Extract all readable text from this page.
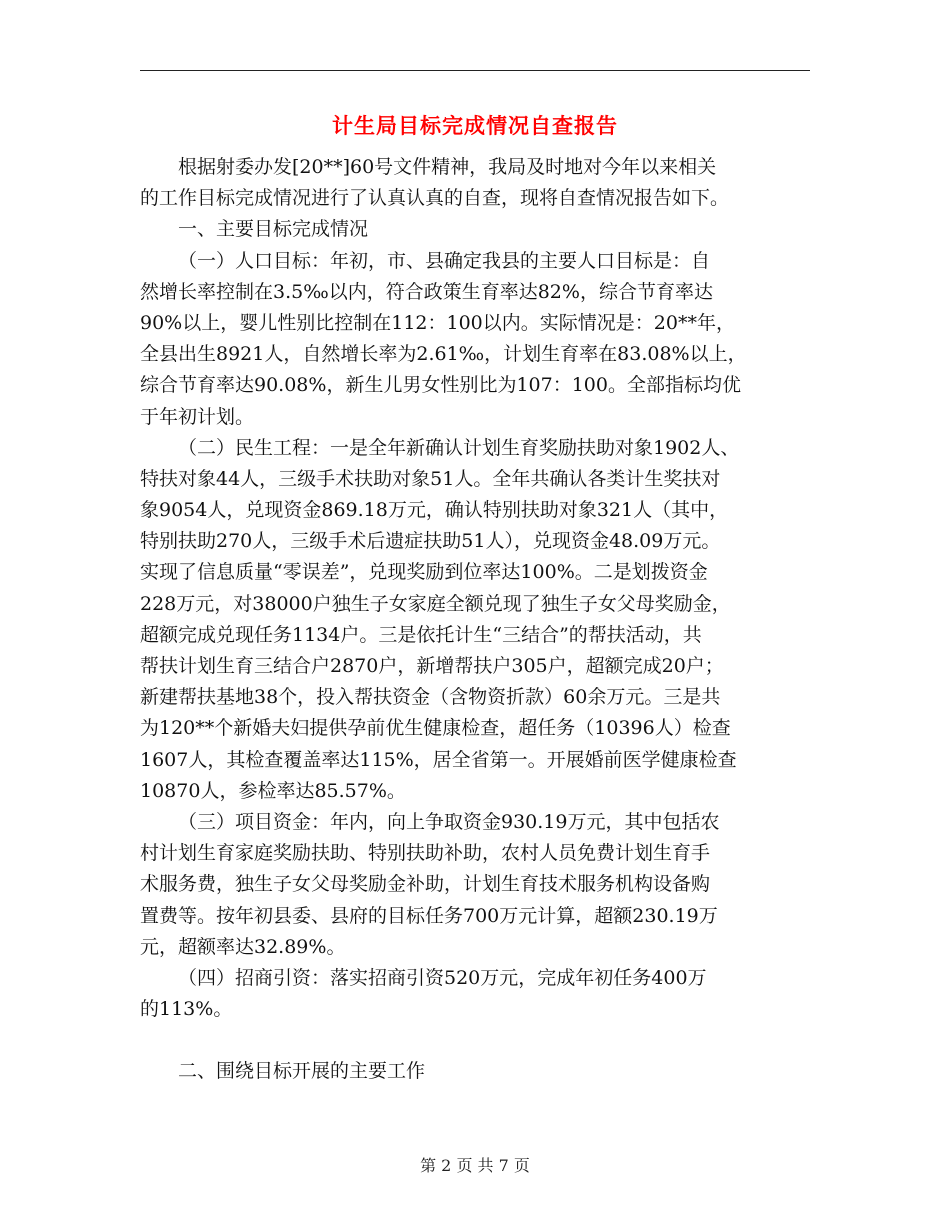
计生局目标完成情况自查报告
根据射委办发[20**]60号文件精神，我局及时地对今年以来相关
的工作目标完成情况进行了认真认真的自查，现将自查情况报告如下。
一、主要目标完成情况
（一）人口目标：年初，市、县确定我县的主要人口目标是：自
然增长率控制在3.5‰以内，符合政策生育率达82%，综合节育率达
90%以上，婴儿性别比控制在112：100以内。实际情况是：20**年，
全县出生8921人，自然增长率为2.61‰，计划生育率在83.08%以上，
综合节育率达90.08%，新生儿男女性别比为107：100。全部指标均优
于年初计划。
（二）民生工程：一是全年新确认计划生育奖励扶助对象1902人、
特扶对象44人，三级手术扶助对象51人。全年共确认各类计生奖扶对
象9054人，兑现资金869.18万元，确认特别扶助对象321人（其中，
特别扶助270人，三级手术后遗症扶助51人），兑现资金48.09万元。
实现了信息质量“零误差”，兑现奖励到位率达100%。二是划拨资金
228万元，对38000户独生子女家庭全额兑现了独生子女父母奖励金，
超额完成兑现任务1134户。三是依托计生“三结合”的帮扶活动，共
帮扶计划生育三结合户2870户，新增帮扶户305户，超额完成20户；
新建帮扶基地38个，投入帮扶资金（含物资折款）60余万元。三是共
为120**个新婚夫妇提供孕前优生健康检查，超任务（10396人）检查
1607人，其检查覆盖率达115%，居全省第一。开展婚前医学健康检查
10870人，参检率达85.57%。
（三）项目资金：年内，向上争取资金930.19万元，其中包括农
村计划生育家庭奖励扶助、特别扶助补助，农村人员免费计划生育手
术服务费，独生子女父母奖励金补助，计划生育技术服务机构设备购
置费等。按年初县委、县府的目标任务700万元计算，超额230.19万
元，超额率达32.89%。
（四）招商引资：落实招商引资520万元，完成年初任务400万
的113%。
二、围绕目标开展的主要工作
第 2 页 共 7 页
